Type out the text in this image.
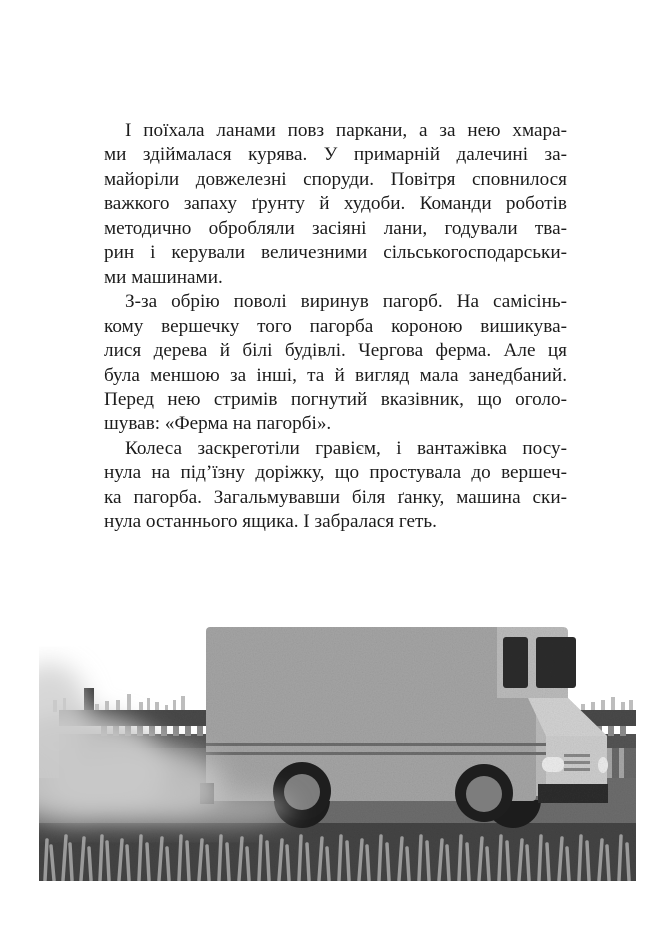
І поїхала ланами повз паркани, а за нею хмара-
ми здіймалася курява. У примарній далечині за-
майоріли довжелезні споруди. Повітря сповнилося
важкого запаху ґрунту й худоби. Команди роботів
методично обробляли засіяні лани, годували тва-
рин і керували величезними сільськогосподарськи-
ми машинами.

З-за обрію поволі виринув пагорб. На самісінь-
кому вершечку того пагорба короною вишикува-
лися дерева й білі будівлі. Чергова ферма. Але ця
була меншою за інші, та й вигляд мала занедбаний.
Перед нею стримів погнутий вказівник, що оголо-
шував: «Ферма на пагорбі».

Колеса заскреготіли гравієм, і вантажівка посу-
нула на під’їзну доріжку, що простувала до вершеч-
ка пагорба. Загальмувавши біля ґанку, машина ски-
нула останнього ящика. І забралася геть.
